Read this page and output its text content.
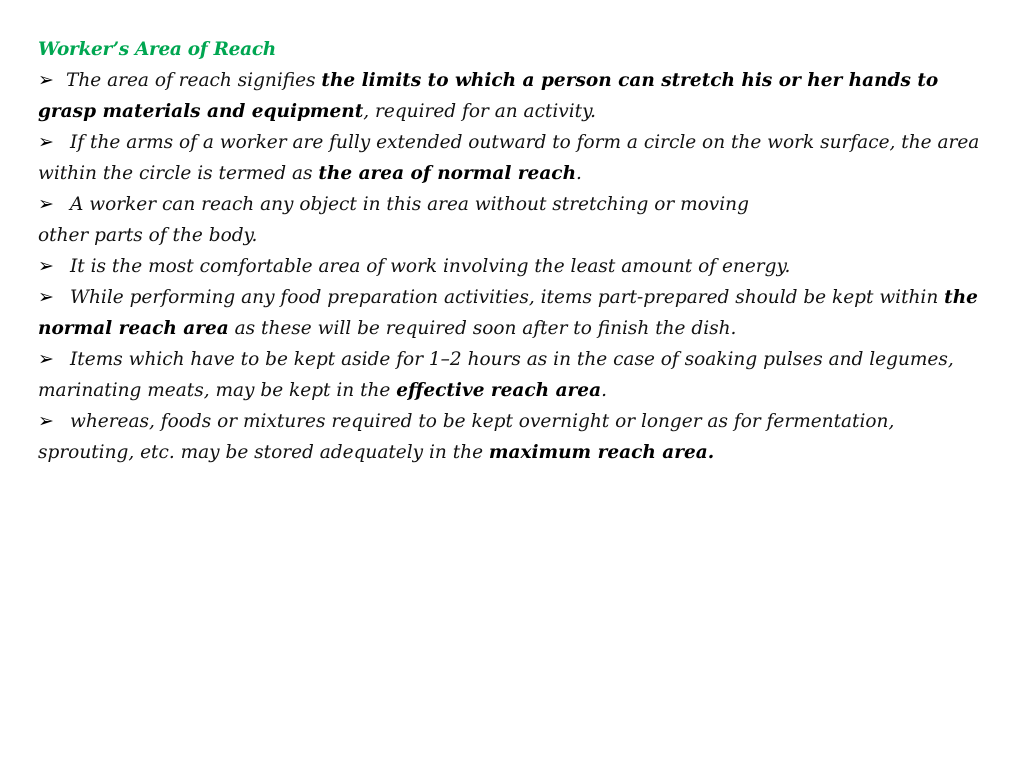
Worker’s Area of Reach

➢ The area of reach signifies the limits to which a person can stretch his or her hands to grasp materials and equipment, required for an activity.

➢ If the arms of a worker are fully extended outward to form a circle on the work surface, the area within the circle is termed as the area of normal reach.

➢ A worker can reach any object in this area without stretching or moving
other parts of the body.

➢ It is the most comfortable area of work involving the least amount of energy.

➢ While performing any food preparation activities, items part-prepared should be kept within the normal reach area as these will be required soon after to finish the dish.

➢ Items which have to be kept aside for 1–2 hours as in the case of soaking pulses and legumes, marinating meats, may be kept in the effective reach area.

➢ whereas, foods or mixtures required to be kept overnight or longer as for fermentation, sprouting, etc. may be stored adequately in the maximum reach area.
